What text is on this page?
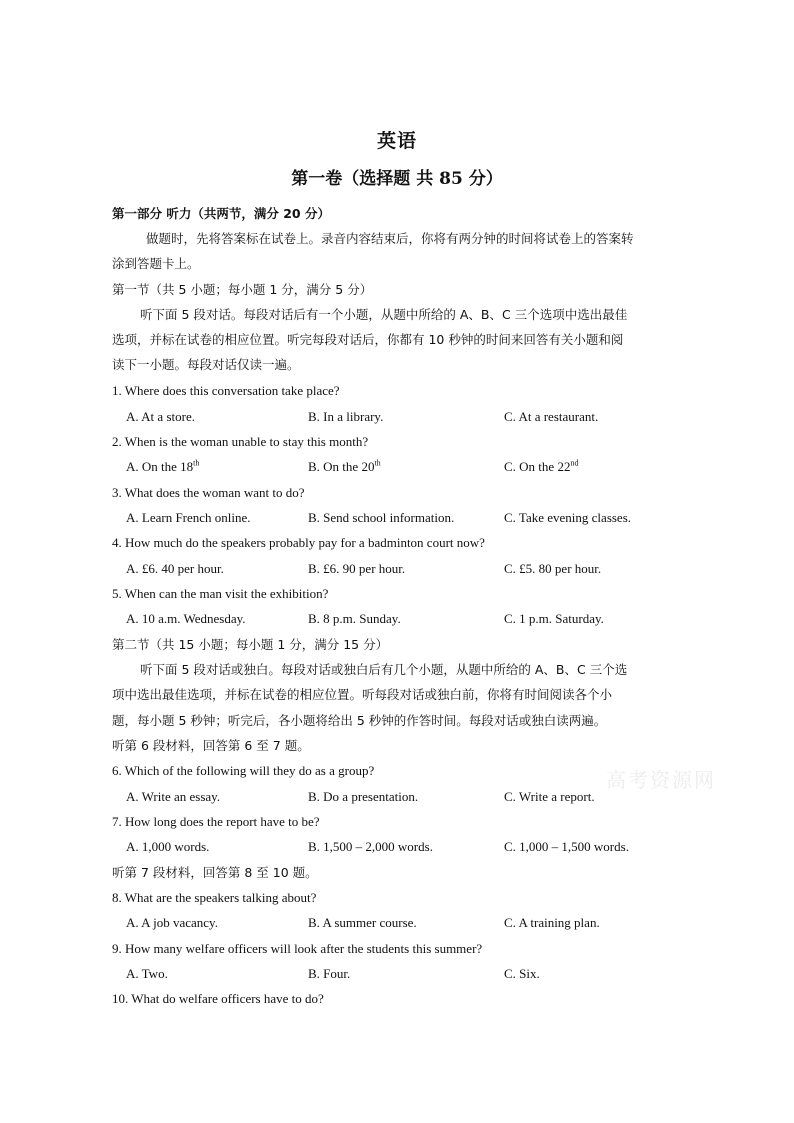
英语
第一卷（选择题 共 85 分）
第一部分 听力（共两节，满分 20 分）
做题时，先将答案标在试卷上。录音内容结束后，你将有两分钟的时间将试卷上的答案转
涂到答题卡上。
第一节（共 5 小题；每小题 1 分，满分 5 分）
听下面 5 段对话。每段对话后有一个小题，从题中所给的 A、B、C 三个选项中选出最佳
选项，并标在试卷的相应位置。听完每段对话后，你都有 10 秒钟的时间来回答有关小题和阅
读下一小题。每段对话仅读一遍。
1. Where does this conversation take place?
A. At a store.	B. In a library.	C. At a restaurant.
2. When is the woman unable to stay this month?
A. On the 18th	B. On the 20th	C. On the 22nd
3. What does the woman want to do?
A. Learn French online.	B. Send school information.	C. Take evening classes.
4. How much do the speakers probably pay for a badminton court now?
A. £6. 40 per hour.	B. £6. 90 per hour.	C. £5. 80 per hour.
5. When can the man visit the exhibition?
A. 10 a.m. Wednesday.	B. 8 p.m. Sunday.	C. 1 p.m. Saturday.
第二节（共 15 小题；每小题 1 分，满分 15 分）
听下面 5 段对话或独白。每段对话或独白后有几个小题，从题中所给的 A、B、C 三个选
项中选出最佳选项，并标在试卷的相应位置。听每段对话或独白前，你将有时间阅读各个小
题，每小题 5 秒钟；听完后，各小题将给出 5 秒钟的作答时间。每段对话或独白读两遍。
听第 6 段材料，回答第 6 至 7 题。
6. Which of the following will they do as a group?
A. Write an essay.	B. Do a presentation.	C. Write a report.
7. How long does the report have to be?
A. 1,000 words.	B. 1,500 – 2,000 words.	C. 1,000 – 1,500 words.
听第 7 段材料，回答第 8 至 10 题。
8. What are the speakers talking about?
A. A job vacancy.	B. A summer course.	C. A training plan.
9. How many welfare officers will look after the students this summer?
A. Two.	B. Four.	C. Six.
10. What do welfare officers have to do?
高考资源网
